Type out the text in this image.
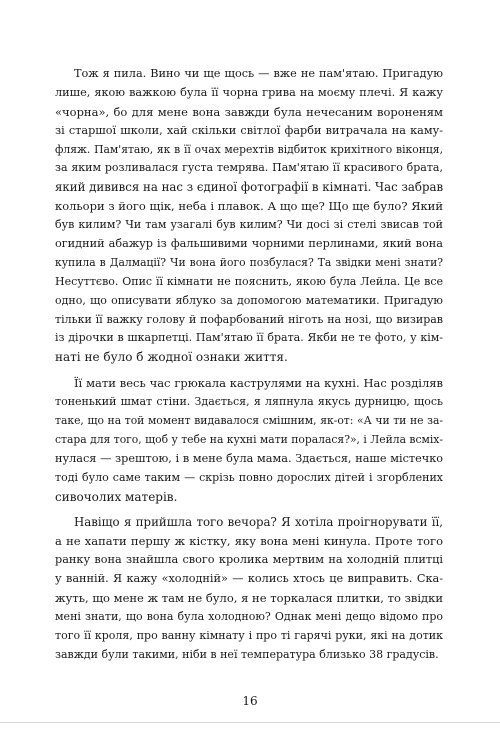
Тож я пила. Вино чи ще щось — вже не пам'ятаю. Пригадую
лише, якою важкою була її чорна грива на моєму плечі. Я кажу
«чорна», бо для мене вона завжди була нечесаним вороненям
зі старшої школи, хай скільки світлої фарби витрачала на каму-
фляж. Пам'ятаю, як в її очах мерехтів відбиток крихітного віконця,
за яким розливалася густа темрява. Пам'ятаю її красивого брата,
який дивився на нас з єдиної фотографії в кімнаті. Час забрав
кольори з його щік, неба і плавок. А що ще? Що ще було? Який
був килим? Чи там узагалі був килим? Чи досі зі стелі звисав той
огидний абажур із фальшивими чорними перлинами, який вона
купила в Далмації? Чи вона його позбулася? Та звідки мені знати?
Несуттєво. Опис її кімнати не пояснить, якою була Лейла. Це все
одно, що описувати яблуко за допомогою математики. Пригадую
тільки її важку голову й пофарбований ніготь на нозі, що визирав
із дірочки в шкарпетці. Пам'ятаю її брата. Якби не те фото, у кім-
наті не було б жодної ознаки життя.
Її мати весь час грюкала каструлями на кухні. Нас розділяв
тоненький шмат стіни. Здається, я ляпнула якусь дурницю, щось
таке, що на той момент видавалося смішним, як-от: «А чи ти не за-
стара для того, щоб у тебе на кухні мати поралася?», і Лейла всміх-
нулася — зрештою, і в мене була мама. Здається, наше містечко
тоді було саме таким — скрізь повно дорослих дітей і згорблених
сивочолих матерів.
Навіщо я прийшла того вечора? Я хотіла проігнорувати її,
а не хапати першу ж кістку, яку вона мені кинула. Проте того
ранку вона знайшла свого кролика мертвим на холодній плитці
у ванній. Я кажу «холодній» — колись хтось це виправить. Ска-
жуть, що мене ж там не було, я не торкалася плитки, то звідки
мені знати, що вона була холодною? Однак мені дещо відомо про
того її кроля, про ванну кімнату і про ті гарячі руки, які на дотик
завжди були такими, ніби в неї температура близько 38 градусів.
16
